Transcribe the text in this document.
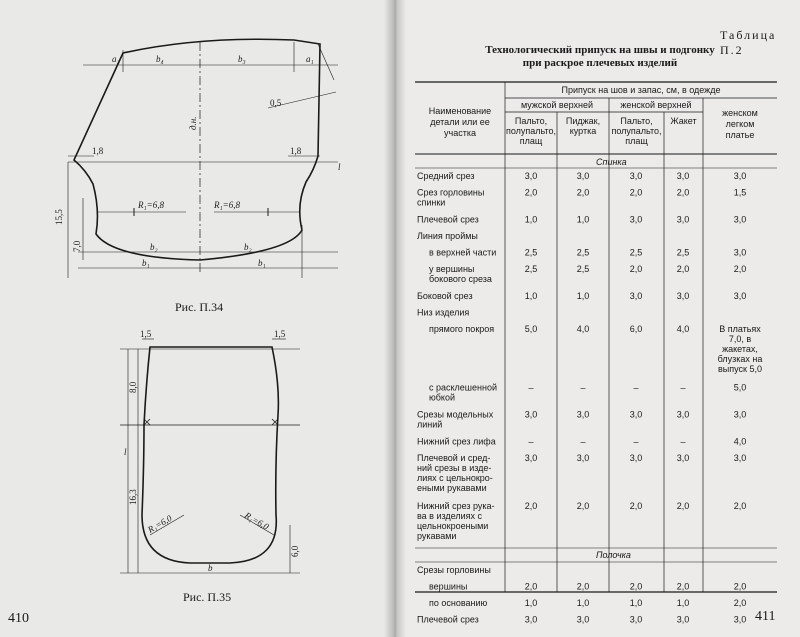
a₂	b₄	b₃	a₁
0,5
д.н.
1,8	1,8
R₁=6,8	R₁=6,8
15,5
7,0	b₂	b₂
b₁	b₁
l
Рис. П.34
1,5	1,5
8,0
l
16,3
R₁=6,0	R₁=6,0
6,0
b
Рис. П.35
410
Таблица П.2
Технологический припуск на швы и подгонку
при раскрое плечевых изделий
Наименование
детали или ее
участка
Припуск на шов и запас, см, в одежде
мужской верхней	женской верхней
женском
легком
платье
Пальто,
полупальто,
плащ
Пиджак,
куртка
Пальто,
полупальто,
плащ
Жакет
Спинка
Средний срез	3,0	3,0	3,0	3,0	3,0
Срез горловины
спинки
2,0	2,0	2,0	2,0	1,5
Плечевой срез	1,0	1,0	3,0	3,0	3,0
Линия проймы
в верхней части	2,5	2,5	2,5	2,5	3,0
у вершины
бокового среза
2,5	2,5	2,0	2,0	2,0
Боковой срез	1,0	1,0	3,0	3,0	3,0
Низ изделия
прямого покроя	5,0	4,0	6,0	4,0	В платьях
7,0, в
жакетах,
блузках на
выпуск 5,0
с расклешенной
юбкой
–	–	–	–	5,0
Срезы модельных
линий
3,0	3,0	3,0	3,0	3,0
Нижний срез лифа	–	–	–	–	4,0
Плечевой и сред-
ний срезы в изде-
лиях с цельнокро-
еными рукавами
3,0	3,0	3,0	3,0	3,0
Нижний срез рука-
ва в изделиях с
цельнокроеными
рукавами
2,0	2,0	2,0	2,0	2,0
Полочка
Срезы горловины
вершины	2,0	2,0	2,0	2,0	2,0
по основанию	1,0	1,0	1,0	1,0	2,0
Плечевой срез	3,0	3,0	3,0	3,0	3,0 411
